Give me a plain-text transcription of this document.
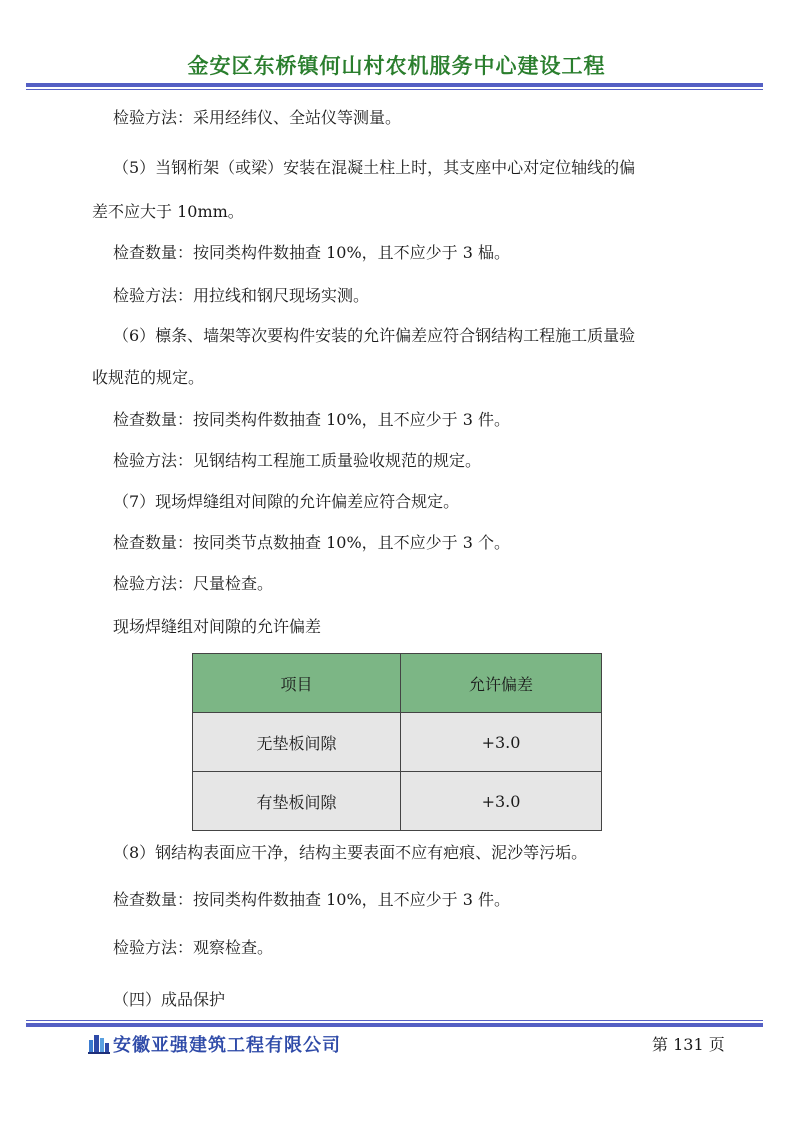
金安区东桥镇何山村农机服务中心建设工程
检验方法：采用经纬仪、全站仪等测量。
（5）当钢桁架（或梁）安装在混凝土柱上时，其支座中心对定位轴线的偏
差不应大于 10mm。
检查数量：按同类构件数抽查 10%，且不应少于 3 榀。
检验方法：用拉线和钢尺现场实测。
（6）檩条、墙架等次要构件安装的允许偏差应符合钢结构工程施工质量验
收规范的规定。
检查数量：按同类构件数抽查 10%，且不应少于 3 件。
检验方法：见钢结构工程施工质量验收规范的规定。
（7）现场焊缝组对间隙的允许偏差应符合规定。
检查数量：按同类节点数抽查 10%，且不应少于 3 个。
检验方法：尺量检查。
现场焊缝组对间隙的允许偏差
项目	允许偏差
无垫板间隙	+3.0
有垫板间隙	+3.0
（8）钢结构表面应干净，结构主要表面不应有疤痕、泥沙等污垢。
检查数量：按同类构件数抽查 10%，且不应少于 3 件。
检验方法：观察检查。
（四）成品保护
安徽亚强建筑工程有限公司	第 131 页
